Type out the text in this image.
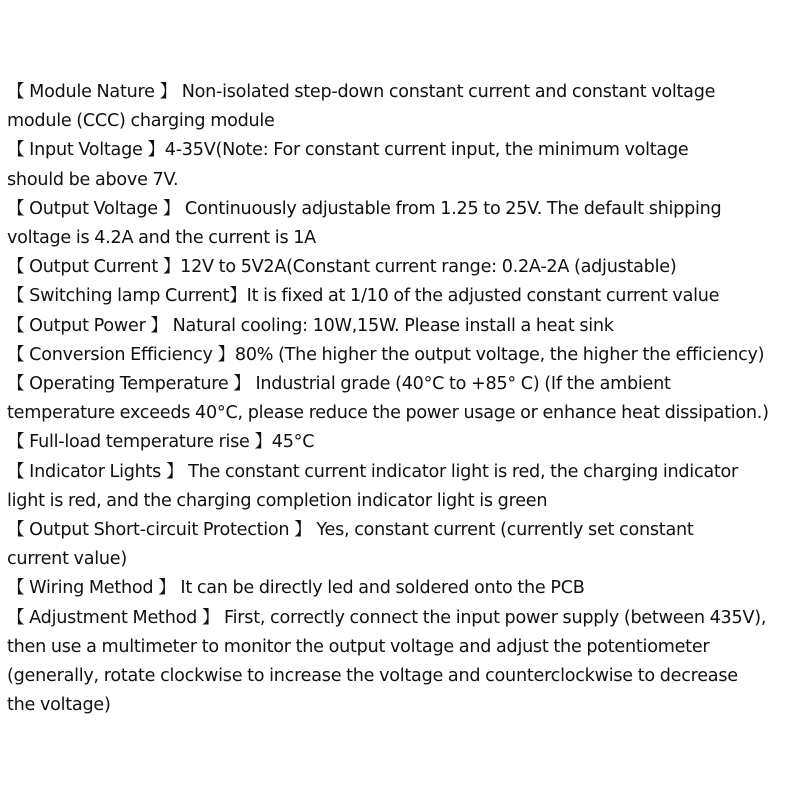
【 Module Nature 】 Non-isolated step-down constant current and constant voltage

module (CCC) charging module

【 Input Voltage 】4-35V(Note: For constant current input, the minimum voltage

should be above 7V.

【 Output Voltage 】 Continuously adjustable from 1.25 to 25V. The default shipping

voltage is 4.2A and the current is 1A

【 Output Current 】12V to 5V2A(Constant current range: 0.2A-2A (adjustable)

【 Switching lamp Current】It is fixed at 1/10 of the adjusted constant current value

【 Output Power 】 Natural cooling: 10W,15W. Please install a heat sink

【 Conversion Efficiency 】80% (The higher the output voltage, the higher the efficiency)

【 Operating Temperature 】 Industrial grade (40°C to +85° C) (If the ambient

temperature exceeds 40°C, please reduce the power usage or enhance heat dissipation.)

【 Full-load temperature rise 】45°C

【 Indicator Lights 】 The constant current indicator light is red, the charging indicator

light is red, and the charging completion indicator light is green

【 Output Short-circuit Protection 】 Yes, constant current (currently set constant

current value)

【 Wiring Method 】 It can be directly led and soldered onto the PCB

【 Adjustment Method 】 First, correctly connect the input power supply (between 435V),

then use a multimeter to monitor the output voltage and adjust the potentiometer

(generally, rotate clockwise to increase the voltage and counterclockwise to decrease

the voltage)
